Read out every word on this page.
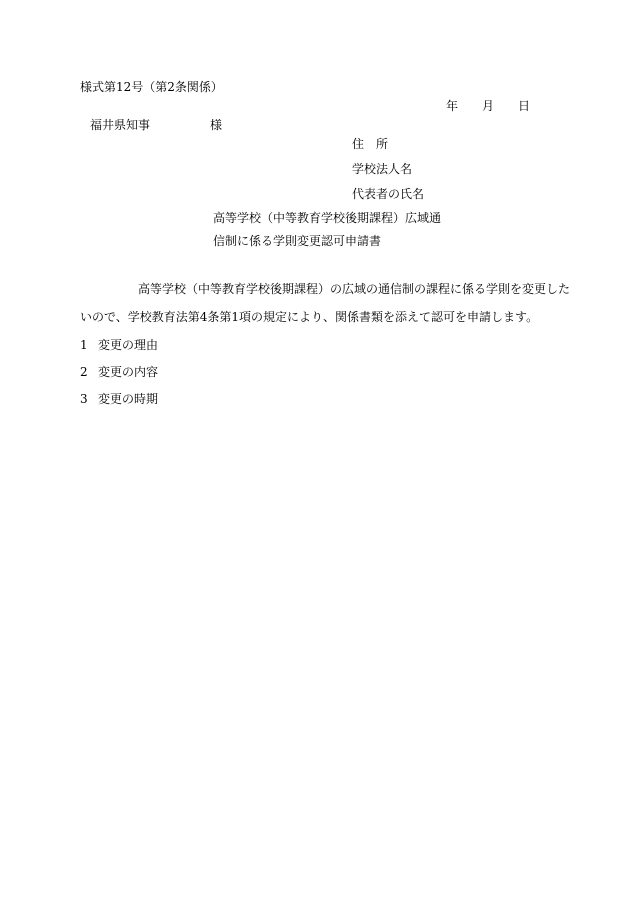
様式第12号（第2条関係）
年 月 日
福井県知事	様
住　所
学校法人名
代表者の氏名
高等学校（中等教育学校後期課程）広域通
信制に係る学則変更認可申請書
高等学校（中等教育学校後期課程）の広域の通信制の課程に係る学則を変更した
いので、学校教育法第4条第1項の規定により、関係書類を添えて認可を申請します。
1 変更の理由
2 変更の内容
3 変更の時期
